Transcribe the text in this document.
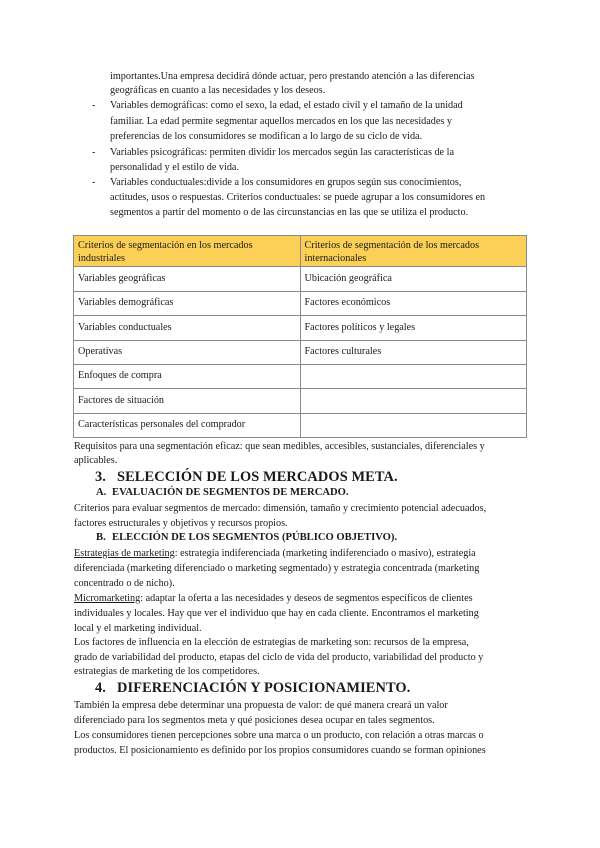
importantes.Una empresa decidirá dónde actuar, pero prestando atención a las diferencias
geográficas en cuanto a las necesidades y los deseos.
- Variables demográficas: como el sexo, la edad, el estado civil y el tamaño de la unidad
familiar. La edad permite segmentar aquellos mercados en los que las necesidades y
preferencias de los consumidores se modifican a lo largo de su ciclo de vida.
- Variables psicográficas: permiten dividir los mercados según las características de la
personalidad y el estilo de vida.
- Variables conductuales:divide a los consumidores en grupos según sus conocimientos,
actitudes, usos o respuestas. Criterios conductuales: se puede agrupar a los consumidores en
segmentos a partir del momento o de las circunstancias en las que se utiliza el producto.
Criterios de segmentación en los mercados industriales	Criterios de segmentación de los mercados internacionales
Variables geográficas	Ubicación geográfica
Variables demográficas	Factores económicos
Variables conductuales	Factores políticos y legales
Operativas	Factores culturales
Enfoques de compra	
Factores de situación	
Características personales del comprador	
Requisitos para una segmentación eficaz: que sean medibles, accesibles, sustanciales, diferenciales y
aplicables.
3. SELECCIÓN DE LOS MERCADOS META.
A. EVALUACIÓN DE SEGMENTOS DE MERCADO.
Criterios para evaluar segmentos de mercado: dimensión, tamaño y crecimiento potencial adecuados,
factores estructurales y objetivos y recursos propios.
B. ELECCIÓN DE LOS SEGMENTOS (PÚBLICO OBJETIVO).
Estrategias de marketing: estrategia indiferenciada (marketing indiferenciado o masivo), estrategia
diferenciada (marketing diferenciado o marketing segmentado) y estrategia concentrada (marketing
concentrado o de nicho).
Micromarketing: adaptar la oferta a las necesidades y deseos de segmentos específicos de clientes
individuales y locales. Hay que ver el individuo que hay en cada cliente. Encontramos el marketing
local y el marketing individual.
Los factores de influencia en la elección de estrategias de marketing son: recursos de la empresa,
grado de variabilidad del producto, etapas del ciclo de vida del producto, variabilidad del producto y
estrategias de marketing de los competidores.
4. DIFERENCIACIÓN Y POSICIONAMIENTO.
También la empresa debe determinar una propuesta de valor: de qué manera creará un valor
diferenciado para los segmentos meta y qué posiciones desea ocupar en tales segmentos.
Los consumidores tienen percepciones sobre una marca o un producto, con relación a otras marcas o
productos. El posicionamiento es definido por los propios consumidores cuando se forman opiniones
